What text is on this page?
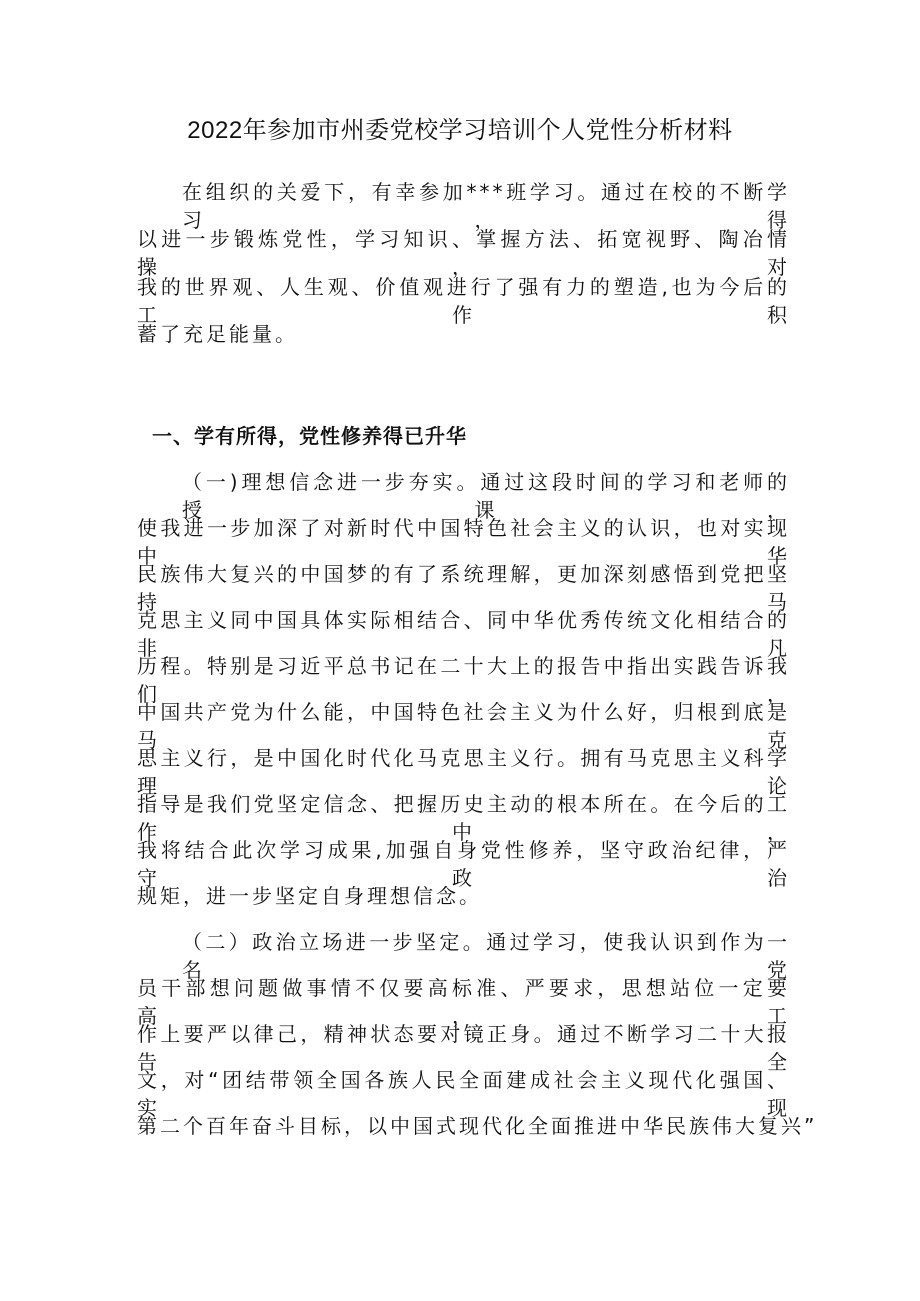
2022年参加市州委党校学习培训个人党性分析材料
在组织的关爱下，有幸参加***班学习。通过在校的不断学习，得
以进一步锻炼党性，学习知识、掌握方法、拓宽视野、陶冶情操，对
我的世界观、人生观、价值观进行了强有力的塑造,也为今后的工作积
蓄了充足能量。
（一)理想信念进一步夯实。通过这段时间的学习和老师的授课，
使我进一步加深了对新时代中国特色社会主义的认识，也对实现中华
民族伟大复兴的中国梦的有了系统理解，更加深刻感悟到党把坚持马
克思主义同中国具体实际相结合、同中华优秀传统文化相结合的非凡
历程。特别是习近平总书记在二十大上的报告中指出实践告诉我们，
中国共产党为什么能，中国特色社会主义为什么好，归根到底是马克
思主义行，是中国化时代化马克思主义行。拥有马克思主义科学理论
指导是我们党坚定信念、把握历史主动的根本所在。在今后的工作中，
我将结合此次学习成果,加强自身党性修养，坚守政治纪律，严守政治
规矩，进一步坚定自身理想信念。
（二）政治立场进一步坚定。通过学习，使我认识到作为一名党
员干部想问题做事情不仅要高标准、严要求，思想站位一定要高，工
作上要严以律己，精神状态要对镜正身。通过不断学习二十大报告全
文，对“团结带领全国各族人民全面建成社会主义现代化强国、实现
第二个百年奋斗目标，以中国式现代化全面推进中华民族伟大复兴”
一、学有所得，党性修养得已升华
